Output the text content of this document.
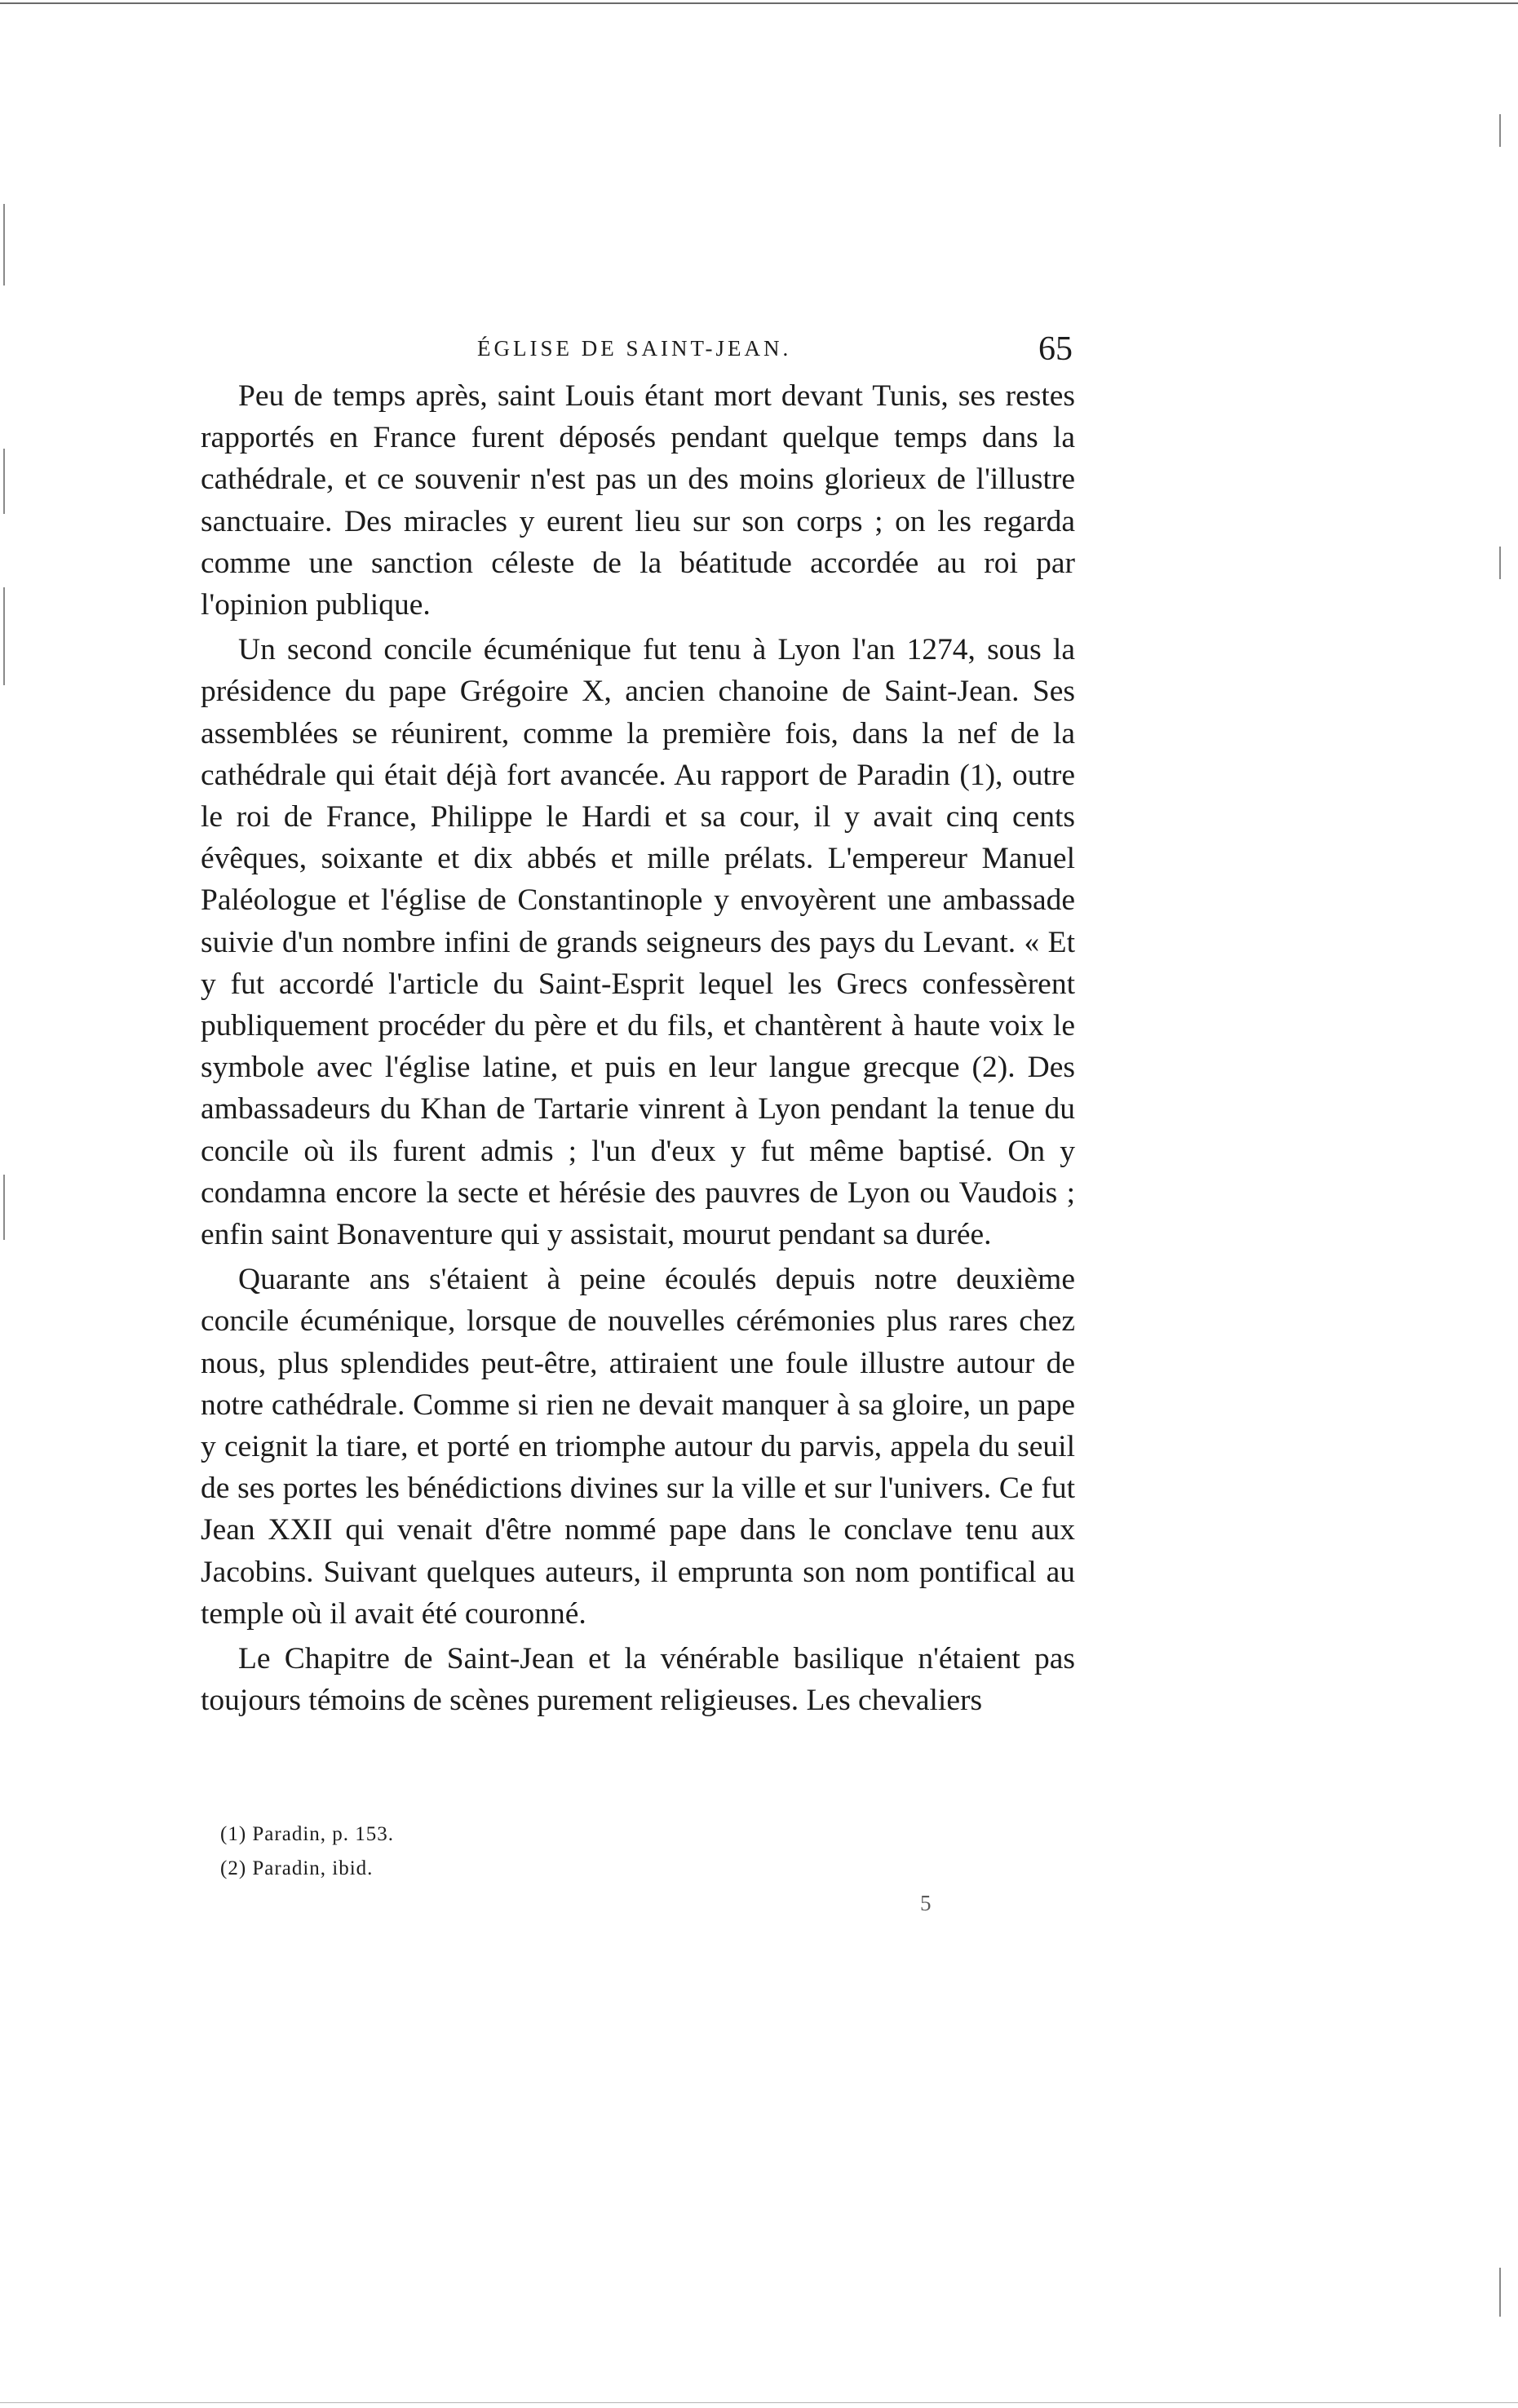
ÉGLISE DE SAINT-JEAN.	65

Peu de temps après, saint Louis étant mort devant Tunis, ses restes rapportés en France furent déposés pendant quelque temps dans la cathédrale, et ce souvenir n'est pas un des moins glorieux de l'illustre sanctuaire. Des miracles y eurent lieu sur son corps ; on les regarda comme une sanction céleste de la béatitude accordée au roi par l'opinion publique.

Un second concile écuménique fut tenu à Lyon l'an 1274, sous la présidence du pape Grégoire X, ancien chanoine de Saint-Jean. Ses assemblées se réunirent, comme la première fois, dans la nef de la cathédrale qui était déjà fort avancée. Au rapport de Paradin (1), outre le roi de France, Philippe le Hardi et sa cour, il y avait cinq cents évêques, soixante et dix abbés et mille prélats. L'empereur Manuel Paléologue et l'église de Constantinople y envoyèrent une ambassade suivie d'un nombre infini de grands seigneurs des pays du Levant. « Et y fut accordé l'article du Saint-Esprit lequel les Grecs confessèrent publiquement procéder du père et du fils, et chantèrent à haute voix le symbole avec l'église latine, et puis en leur langue grecque (2). Des ambassadeurs du Khan de Tartarie vinrent à Lyon pendant la tenue du concile où ils furent admis ; l'un d'eux y fut même baptisé. On y condamna encore la secte et hérésie des pauvres de Lyon ou Vaudois ; enfin saint Bonaventure qui y assistait, mourut pendant sa durée.

Quarante ans s'étaient à peine écoulés depuis notre deuxième concile écuménique, lorsque de nouvelles cérémonies plus rares chez nous, plus splendides peut-être, attiraient une foule illustre autour de notre cathédrale. Comme si rien ne devait manquer à sa gloire, un pape y ceignit la tiare, et porté en triomphe autour du parvis, appela du seuil de ses portes les bénédictions divines sur la ville et sur l'univers. Ce fut Jean XXII qui venait d'être nommé pape dans le conclave tenu aux Jacobins. Suivant quelques auteurs, il emprunta son nom pontifical au temple où il avait été couronné.

Le Chapitre de Saint-Jean et la vénérable basilique n'étaient pas toujours témoins de scènes purement religieuses. Les chevaliers

(1) Paradin, p. 153.
(2) Paradin, ibid.
5
